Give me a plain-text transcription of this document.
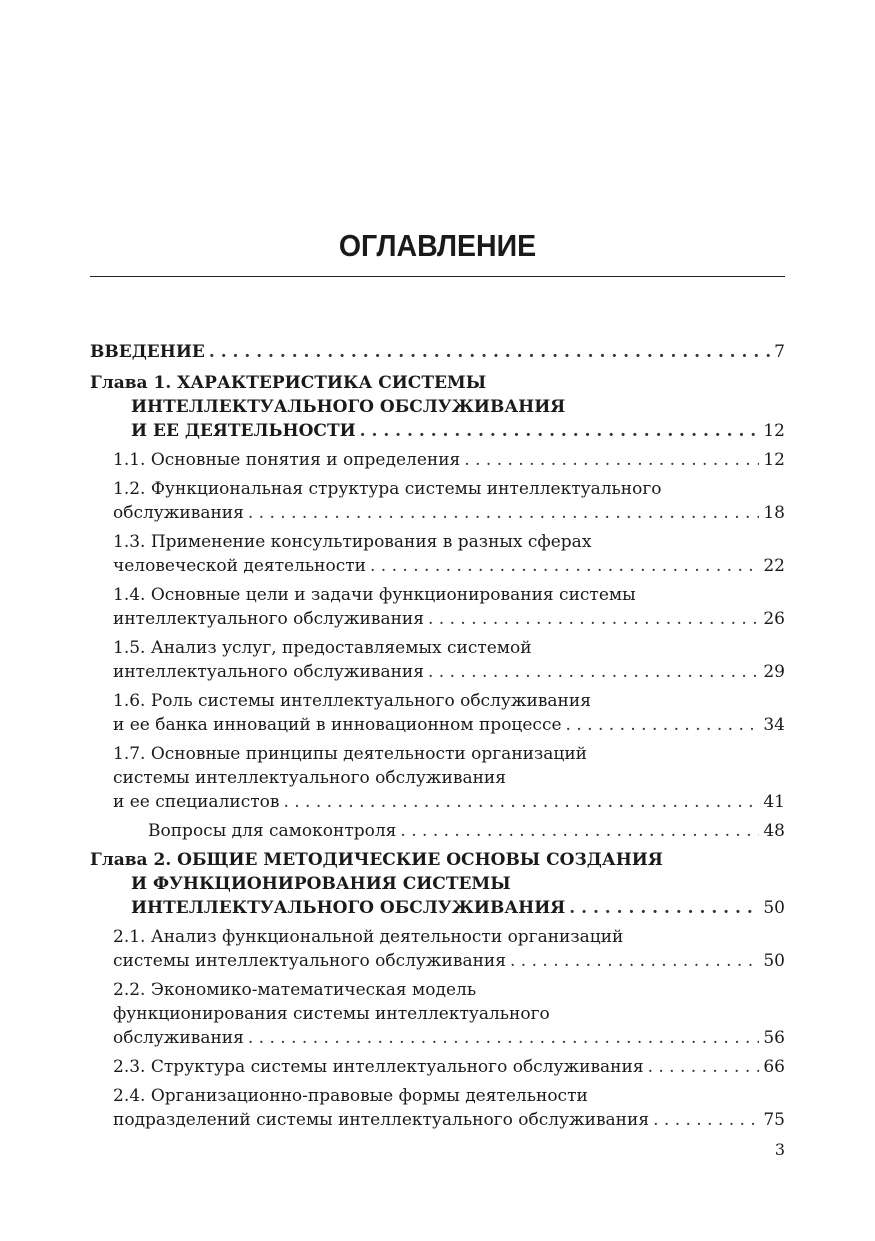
ОГЛАВЛЕНИЕ
ВВЕДЕНИЕ . . .	7
Глава 1. ХАРАКТЕРИСТИКА СИСТЕМЫ
ИНТЕЛЛЕКТУАЛЬНОГО ОБСЛУЖИВАНИЯ
И ЕЕ ДЕЯТЕЛЬНОСТИ . . .	12
1.1. Основные понятия и определения . . .	12
1.2. Функциональная структура системы интеллектуального
обслуживания . . .	18
1.3. Применение консультирования в разных сферах
человеческой деятельности . . .	22
1.4. Основные цели и задачи функционирования системы
интеллектуального обслуживания . . .	26
1.5. Анализ услуг, предоставляемых системой
интеллектуального обслуживания . . .	29
1.6. Роль системы интеллектуального обслуживания
и ее банка инноваций в инновационном процессе . . .	34
1.7. Основные принципы деятельности организаций
системы интеллектуального обслуживания
и ее специалистов . . .	41
Вопросы для самоконтроля . . .	48
Глава 2. ОБЩИЕ МЕТОДИЧЕСКИЕ ОСНОВЫ СОЗДАНИЯ
И ФУНКЦИОНИРОВАНИЯ СИСТЕМЫ
ИНТЕЛЛЕКТУАЛЬНОГО ОБСЛУЖИВАНИЯ . . .	50
2.1. Анализ функциональной деятельности организаций
системы интеллектуального обслуживания . . .	50
2.2. Экономико-математическая модель
функционирования системы интеллектуального
обслуживания . . .	56
2.3. Структура системы интеллектуального обслуживания . . .	66
2.4. Организационно-правовые формы деятельности
подразделений системы интеллектуального обслуживания . . .	75
3
